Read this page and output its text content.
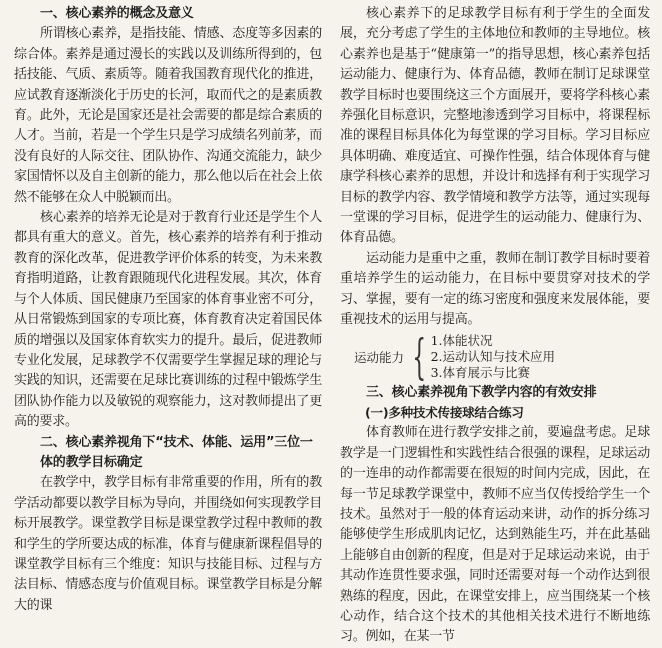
一、核心素养的概念及意义

所谓核心素养，是指技能、情感、态度等多因素的综合体。素养是通过漫长的实践以及训练所得到的，包括技能、气质、素质等。随着我国教育现代化的推进，应试教育逐渐淡化于历史的长河，取而代之的是素质教育。此外，无论是国家还是社会需要的都是综合素质的人才。当前，若是一个学生只是学习成绩名列前茅，而没有良好的人际交往、团队协作、沟通交流能力，缺少家国情怀以及自主创新的能力，那么他以后在社会上依然不能够在众人中脱颖而出。

核心素养的培养无论是对于教育行业还是学生个人都具有重大的意义。首先，核心素养的培养有利于推动教育的深化改革，促进教学评价体系的转变，为未来教育指明道路，让教育跟随现代化进程发展。其次，体育与个人体质、国民健康乃至国家的体育事业密不可分，从日常锻炼到国家的专项比赛，体育教育决定着国民体质的增强以及国家体育软实力的提升。最后，促进教师专业化发展，足球教学不仅需要学生掌握足球的理论与实践的知识，还需要在足球比赛训练的过程中锻炼学生团队协作能力以及敏锐的观察能力，这对教师提出了更高的要求。

二、核心素养视角下“技术、体能、运用”三位一体的教学目标确定

在教学中，教学目标有非常重要的作用，所有的教学活动都要以教学目标为导向，并围绕如何实现教学目标开展教学。课堂教学目标是课堂教学过程中教师的教和学生的学所要达成的标准，体育与健康新课程倡导的课堂教学目标有三个维度：知识与技能目标、过程与方法目标、情感态度与价值观目标。课堂教学目标是分解大的课

核心素养下的足球教学目标有利于学生的全面发展，充分考虑了学生的主体地位和教师的主导地位。核心素养也是基于“健康第一”的指导思想，核心素养包括运动能力、健康行为、体育品德，教师在制订足球课堂教学目标时也要围绕这三个方面展开，要将学科核心素养强化目标意识，完整地渗透到学习目标中，将课程标准的课程目标具体化为每堂课的学习目标。学习目标应具体明确、难度适宜、可操作性强，结合体现体育与健康学科核心素养的思想，并设计和选择有利于实现学习目标的教学内容、教学情境和教学方法等，通过实现每一堂课的学习目标，促进学生的运动能力、健康行为、体育品德。

运动能力是重中之重，教师在制订教学目标时要着重培养学生的运动能力，在目标中要贯穿对技术的学习、掌握，要有一定的练习密度和强度来发展体能，要重视技术的运用与提高。

运动能力 { 1.体能状况
2.运动认知与技术应用
3.体育展示与比赛
三、核心素养视角下教学内容的有效安排
(一)多种技术传接球结合练习

体育教师在进行教学安排之前，要遍盘考虑。足球教学是一门逻辑性和实践性结合很强的课程，足球运动的一连串的动作都需要在很短的时间内完成，因此，在每一节足球教学课堂中，教师不应当仅传授给学生一个技术。虽然对于一般的体育运动来讲，动作的拆分练习能够使学生形成肌肉记忆，达到熟能生巧，并在此基础上能够自由创新的程度，但是对于足球运动来说，由于其动作连贯性要求强，同时还需要对每一个动作达到很熟练的程度，因此，在课堂安排上，应当围绕某一个核心动作，结合这个技术的其他相关技术进行不断地练习。例如，在某一节
